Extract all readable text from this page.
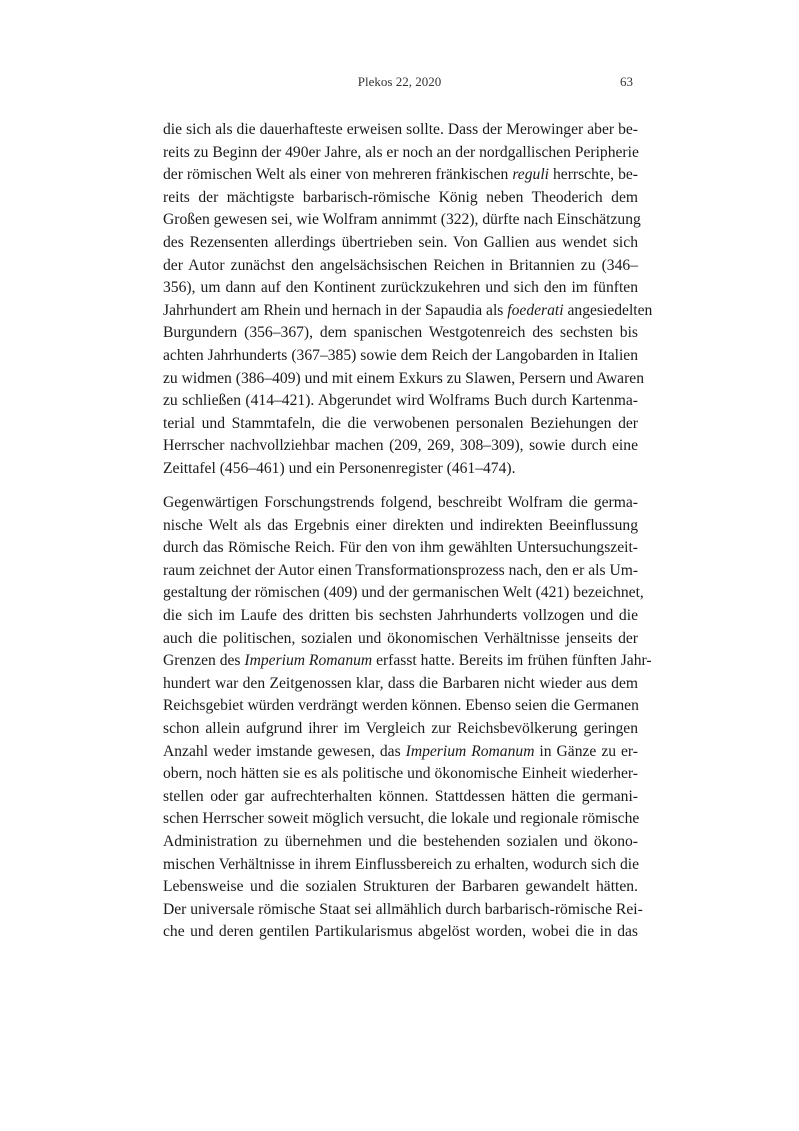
Plekos 22, 2020	63
die sich als die dauerhafteste erweisen sollte. Dass der Merowinger aber be-
reits zu Beginn der 490er Jahre, als er noch an der nordgallischen Peripherie
der römischen Welt als einer von mehreren fränkischen reguli herrschte, be-
reits der mächtigste barbarisch-römische König neben Theoderich dem
Großen gewesen sei, wie Wolfram annimmt (322), dürfte nach Einschätzung
des Rezensenten allerdings übertrieben sein. Von Gallien aus wendet sich
der Autor zunächst den angelsächsischen Reichen in Britannien zu (346–
356), um dann auf den Kontinent zurückzukehren und sich den im fünften
Jahrhundert am Rhein und hernach in der Sapaudia als foederati angesiedelten
Burgundern (356–367), dem spanischen Westgotenreich des sechsten bis
achten Jahrhunderts (367–385) sowie dem Reich der Langobarden in Italien
zu widmen (386–409) und mit einem Exkurs zu Slawen, Persern und Awaren
zu schließen (414–421). Abgerundet wird Wolframs Buch durch Kartenma-
terial und Stammtafeln, die die verwobenen personalen Beziehungen der
Herrscher nachvollziehbar machen (209, 269, 308–309), sowie durch eine
Zeittafel (456–461) und ein Personenregister (461–474).
Gegenwärtigen Forschungstrends folgend, beschreibt Wolfram die germa-
nische Welt als das Ergebnis einer direkten und indirekten Beeinflussung
durch das Römische Reich. Für den von ihm gewählten Untersuchungszeit-
raum zeichnet der Autor einen Transformationsprozess nach, den er als Um-
gestaltung der römischen (409) und der germanischen Welt (421) bezeichnet,
die sich im Laufe des dritten bis sechsten Jahrhunderts vollzogen und die
auch die politischen, sozialen und ökonomischen Verhältnisse jenseits der
Grenzen des Imperium Romanum erfasst hatte. Bereits im frühen fünften Jahr-
hundert war den Zeitgenossen klar, dass die Barbaren nicht wieder aus dem
Reichsgebiet würden verdrängt werden können. Ebenso seien die Germanen
schon allein aufgrund ihrer im Vergleich zur Reichsbevölkerung geringen
Anzahl weder imstande gewesen, das Imperium Romanum in Gänze zu er-
obern, noch hätten sie es als politische und ökonomische Einheit wiederher-
stellen oder gar aufrechterhalten können. Stattdessen hätten die germani-
schen Herrscher soweit möglich versucht, die lokale und regionale römische
Administration zu übernehmen und die bestehenden sozialen und ökono-
mischen Verhältnisse in ihrem Einflussbereich zu erhalten, wodurch sich die
Lebensweise und die sozialen Strukturen der Barbaren gewandelt hätten.
Der universale römische Staat sei allmählich durch barbarisch-römische Rei-
che und deren gentilen Partikularismus abgelöst worden, wobei die in das
